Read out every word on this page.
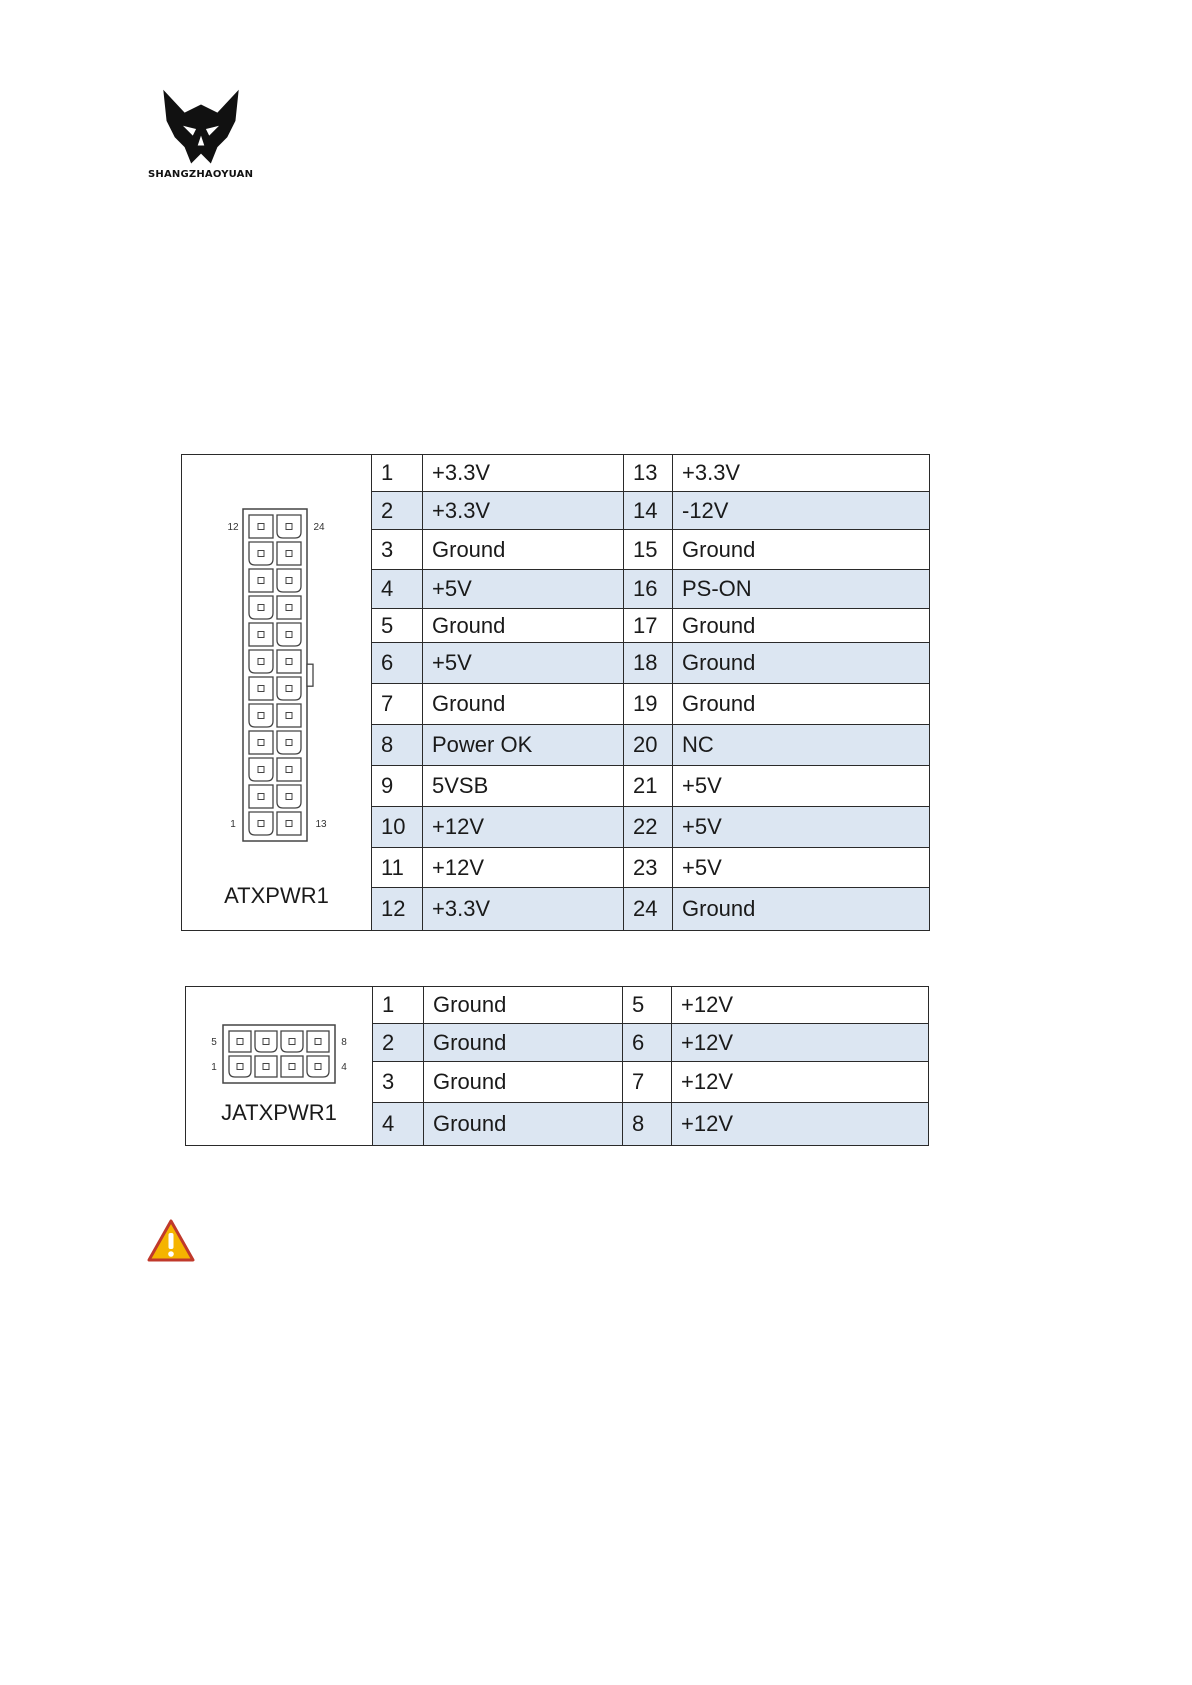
SHANGZHAOYUAN
12 24
1 13
ATXPWR1	1	+3.3V	13	+3.3V
	2	+3.3V	14	-12V
	3	Ground	15	Ground
	4	+5V	16	PS-ON
	5	Ground	17	Ground
	6	+5V	18	Ground
	7	Ground	19	Ground
	8	Power OK	20	NC
	9	5VSB	21	+5V
	10	+12V	22	+5V
	11	+12V	23	+5V
	12	+3.3V	24	Ground
5 8
1 4
JATXPWR1	1	Ground	5	+12V
	2	Ground	6	+12V
	3	Ground	7	+12V
	4	Ground	8	+12V
